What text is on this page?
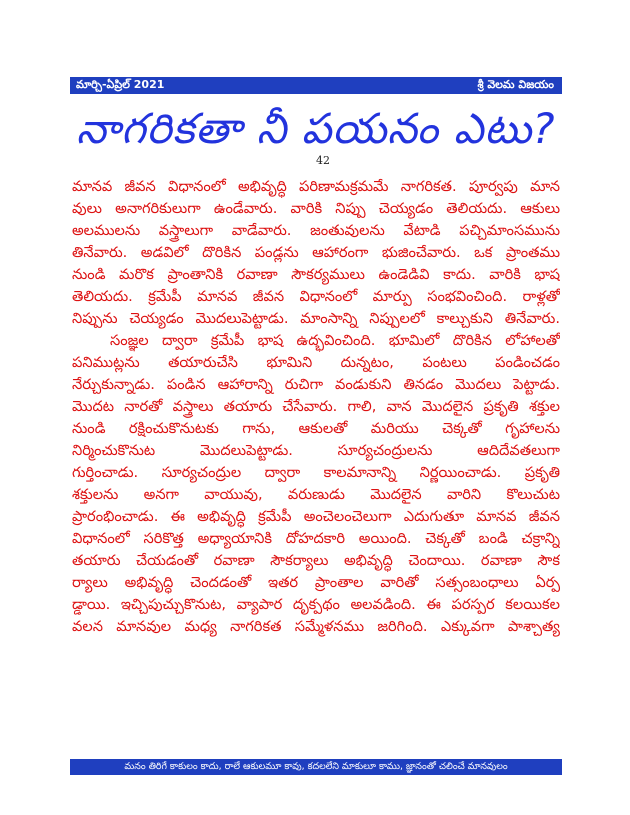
మార్చి-ఏప్రిల్ 2021	శ్రీ వెలమ విజయం
42
నాగరికతా నీ పయనం ఎటు?
మానవ జీవన విధానంలో అభివృద్ధి పరిణామక్రమమే నాగరికత. పూర్వపు మాన
వులు అనాగరికులుగా ఉండేవారు. వారికి నిప్పు చెయ్యడం తెలియదు. ఆకులు
అలములను వస్త్రాలుగా వాడేవారు. జంతువులను వేటాడి పచ్చిమాంసమును
తినేవారు. అడవిలో దొరికిన పండ్లను ఆహారంగా భుజించేవారు. ఒక ప్రాంతము
నుండి మరొక ప్రాంతానికి రవాణా సౌకర్యములు ఉండెడివి కాదు. వారికి భాష
తెలియదు. క్రమేపీ మానవ జీవన విధానంలో మార్పు సంభవించింది. రాళ్లతో
నిప్పును చెయ్యడం మొదలుపెట్టాడు. మాంసాన్ని నిప్పులలో కాల్చుకుని తినేవారు.
సంజ్ఞల ద్వారా క్రమేపీ భాష ఉద్భవించింది. భూమిలో దొరికిన లోహాలతో
పనిముట్లను తయారుచేసి భూమిని దున్నటం, పంటలు పండించడం
నేర్చుకున్నాడు. పండిన ఆహారాన్ని రుచిగా వండుకుని తినడం మొదలు పెట్టాడు.
మొదట నారతో వస్త్రాలు తయారు చేసేవారు. గాలి, వాన మొదలైన ప్రకృతి శక్తుల
నుండి రక్షించుకొనుటకు గాను, ఆకులతో మరియు చెక్కతో గృహాలను
నిర్మించుకొనుట మొదలుపెట్టాడు. సూర్యచంద్రులను ఆదిదేవతలుగా
గుర్తించాడు. సూర్యచంద్రుల ద్వారా కాలమానాన్ని నిర్ణయించాడు. ప్రకృతి
శక్తులను అనగా వాయువు, వరుణుడు మొదలైన వారిని కొలుచుట
ప్రారంభించాడు. ఈ అభివృద్ధి క్రమేపీ అంచెలంచెలుగా ఎదుగుతూ మానవ జీవన
విధానంలో సరికొత్త అధ్యాయానికి దోహదకారి అయింది. చెక్కతో బండి చక్రాన్ని
తయారు చేయడంతో రవాణా సౌకర్యాలు అభివృద్ధి చెందాయి. రవాణా సౌక
ర్యాలు అభివృద్ధి చెందడంతో ఇతర ప్రాంతాల వారితో సత్సంబంధాలు ఏర్ప
డ్డాయి. ఇచ్చిపుచ్చుకొనుట, వ్యాపార దృక్పథం అలవడింది. ఈ పరస్పర కలయికల
వలన మానవుల మధ్య నాగరికత సమ్మేళనము జరిగింది. ఎక్కువగా పాశ్చాత్య
మనం తిరిగే కాకులం కాదు, రాలే ఆకులమూ కావు, కదలలేని మాకులూ కాము, జ్ఞానంతో చలించే మానవులం
